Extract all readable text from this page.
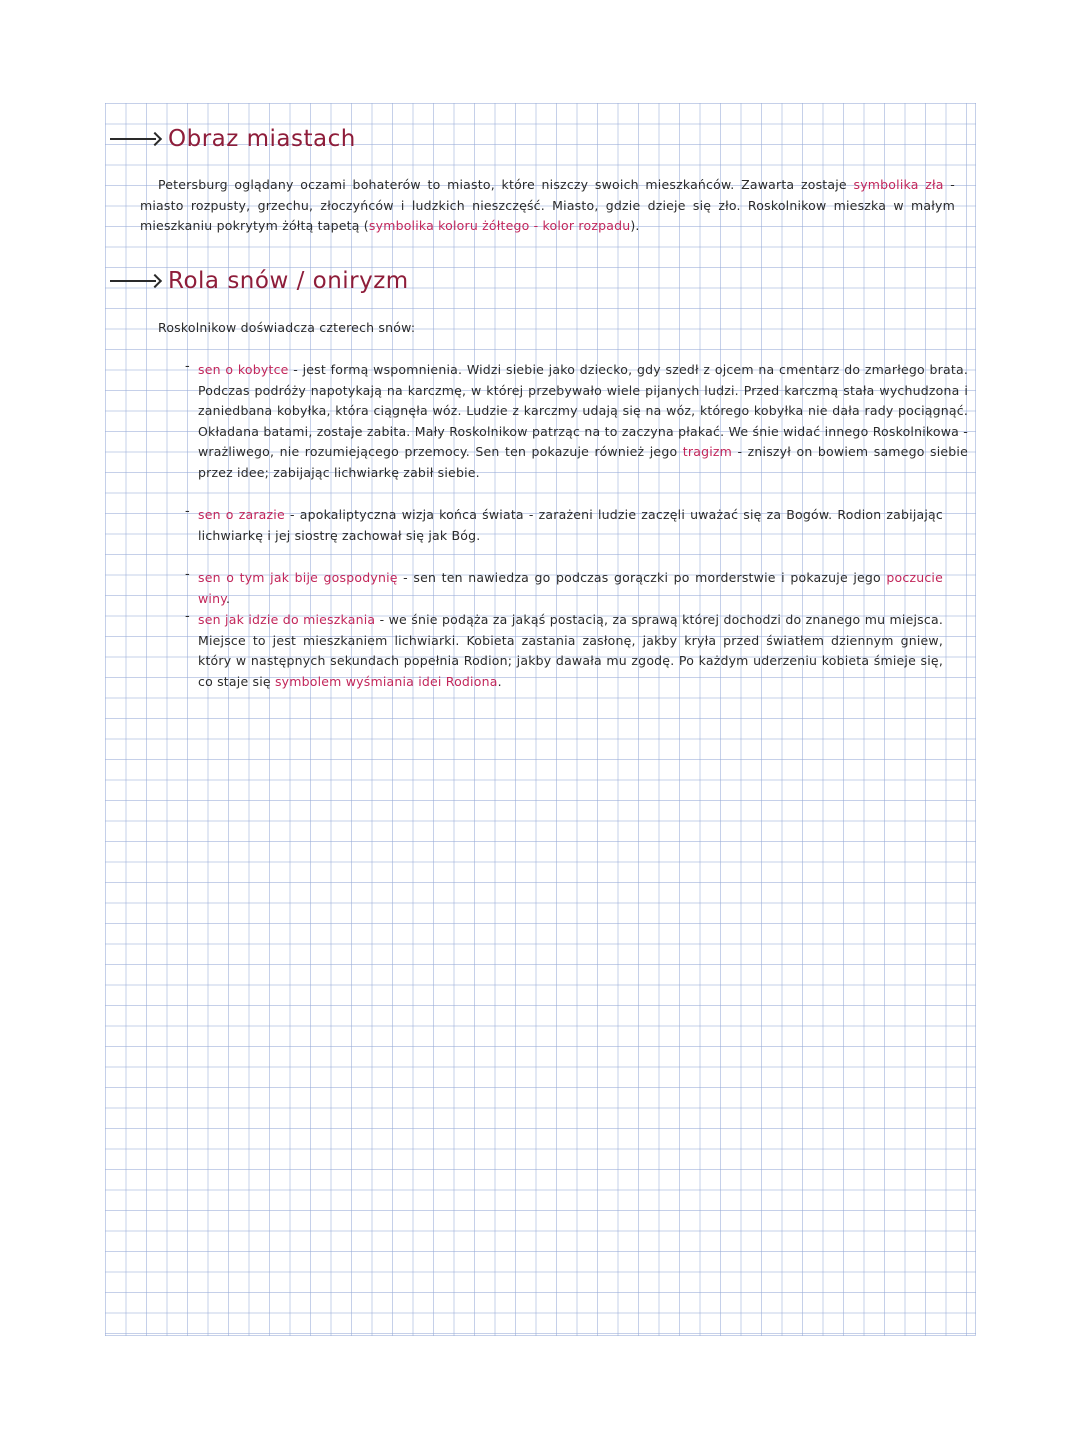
Obraz miastach
Petersburg oglądany oczami bohaterów to miasto, które niszczy swoich mieszkańców. Zawarta zostaje symbolika zła - miasto rozpusty, grzechu, złoczyńców i ludzkich nieszczęść. Miasto, gdzie dzieje się zło. Roskolnikow mieszka w małym mieszkaniu pokrytym żółtą tapetą (symbolika koloru żółtego - kolor rozpadu).
Rola snów / oniryzm
Roskolnikow doświadcza czterech snów:
- sen o kobytce - jest formą wspomnienia. Widzi siebie jako dziecko, gdy szedł z ojcem na cmentarz do zmarłego brata. Podczas podróży napotykają na karczmę, w której przebywało wiele pijanych ludzi. Przed karczmą stała wychudzona i zaniedbana kobyłka, która ciągnęła wóz. Ludzie z karczmy udają się na wóz, którego kobyłka nie dała rady pociągnąć. Okładana batami, zostaje zabita. Mały Roskolnikow patrząc na to zaczyna płakać. We śnie widać innego Roskolnikowa - wrażliwego, nie rozumiejącego przemocy. Sen ten pokazuje również jego tragizm - zniszył on bowiem samego siebie przez idee; zabijając lichwiarkę zabił siebie.
- sen o zarazie - apokaliptyczna wizja końca świata - zarażeni ludzie zaczęli uważać się za Bogów. Rodion zabijając lichwiarkę i jej siostrę zachował się jak Bóg.
- sen o tym jak bije gospodynię - sen ten nawiedza go podczas gorączki po morderstwie i pokazuje jego poczucie winy.
- sen jak idzie do mieszkania - we śnie podąża za jakąś postacią, za sprawą której dochodzi do znanego mu miejsca. Miejsce to jest mieszkaniem lichwiarki. Kobieta zastania zasłonę, jakby kryła przed światłem dziennym gniew, który w następnych sekundach popełnia Rodion; jakby dawała mu zgodę. Po każdym uderzeniu kobieta śmieje się, co staje się symbolem wyśmiania idei Rodiona.
